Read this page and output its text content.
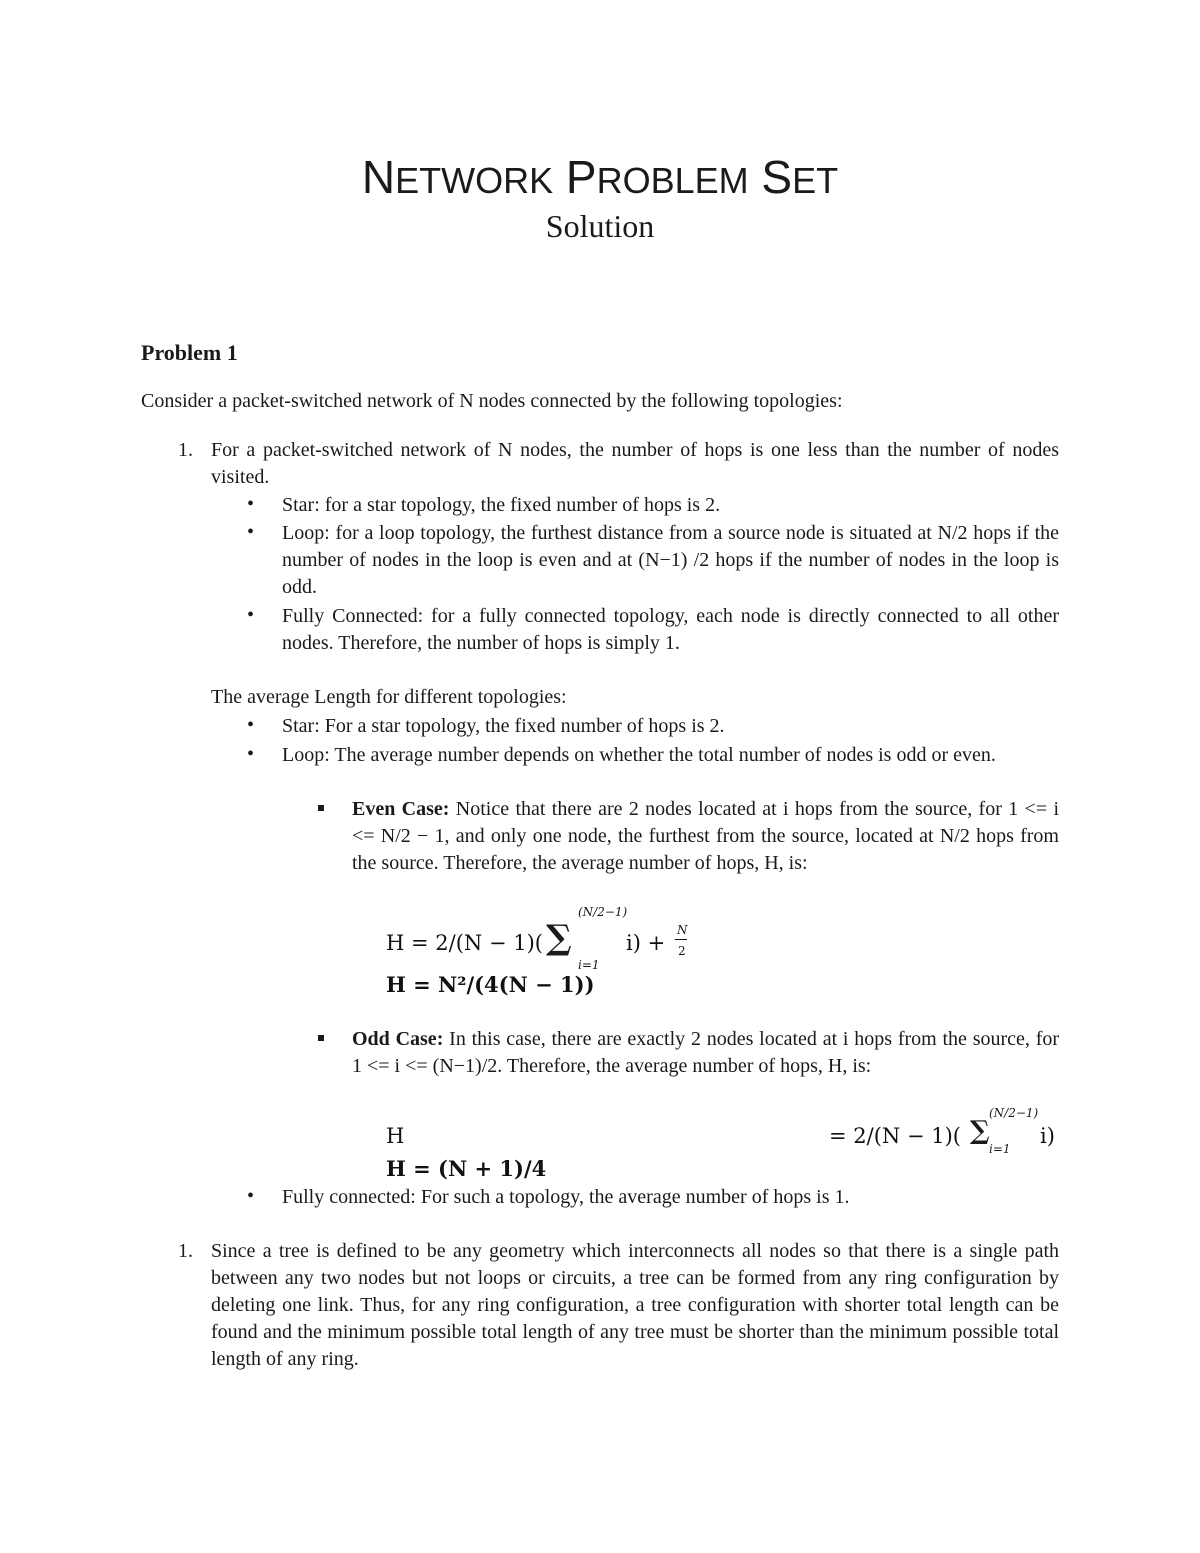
NETWORK PROBLEM SET
Solution
Problem 1
Consider a packet-switched network of N nodes connected by the following topologies:
1. For a packet-switched network of N nodes, the number of hops is one less than the number of nodes visited.
• Star: for a star topology, the fixed number of hops is 2.
• Loop: for a loop topology, the furthest distance from a source node is situated at N/2 hops if the number of nodes in the loop is even and at (N−1) /2 hops if the number of nodes in the loop is odd.
• Fully Connected: for a fully connected topology, each node is directly connected to all other nodes. Therefore, the number of hops is simply 1.
The average Length for different topologies:
• Star: For a star topology, the fixed number of hops is 2.
• Loop: The average number depends on whether the total number of nodes is odd or even.
Even Case: Notice that there are 2 nodes located at i hops from the source, for 1 <= i <= N/2 − 1, and only one node, the furthest from the source, located at N/2 hops from the source. Therefore, the average number of hops, H, is:
H = 2/(N − 1)( ∑
(N/2−1)
i=1
i) +
N
2
H = N²/(4(N − 1))
Odd Case: In this case, there are exactly 2 nodes located at i hops from the source, for 1 <= i <= (N−1)/2. Therefore, the average number of hops, H, is:
H	= 2/(N − 1)( ∑
(N/2−1)
i=1
i)
H = (N + 1)/4
• Fully connected: For such a topology, the average number of hops is 1.
1. Since a tree is defined to be any geometry which interconnects all nodes so that there is a single path between any two nodes but not loops or circuits, a tree can be formed from any ring configuration by deleting one link. Thus, for any ring configuration, a tree configuration with shorter total length can be found and the minimum possible total length of any tree must be shorter than the minimum possible total length of any ring.
